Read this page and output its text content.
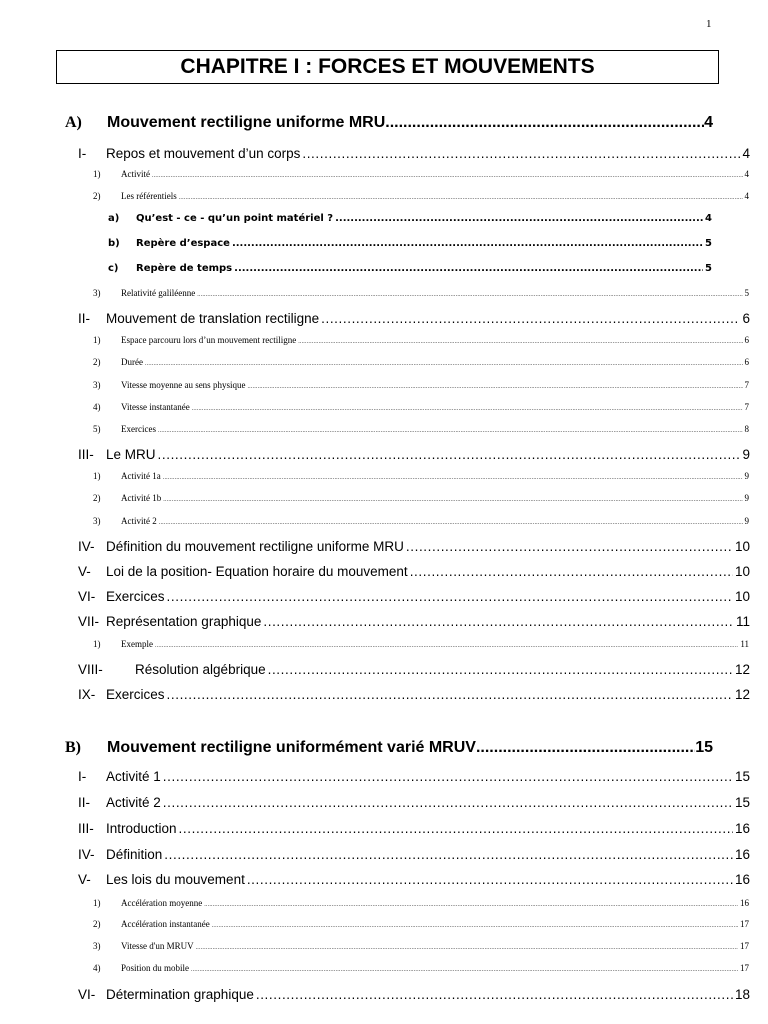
1
CHAPITRE I : FORCES ET MOUVEMENTS
A)	Mouvement rectiligne uniforme MRU .....	4
I-	Repos et mouvement d’un corps .....	4
1)	Activité .....	4
2)	Les référentiels .....	4
a)	Qu’est - ce - qu’un point matériel ? .....	4
b)	Repère d’espace .....	5
c)	Repère de temps .....	5
3)	Relativité galiléenne .....	5
II-	Mouvement de translation rectiligne .....	6
1)	Espace parcouru lors d’un mouvement rectiligne .....	6
2)	Durée .....	6
3)	Vitesse moyenne au sens physique .....	7
4)	Vitesse instantanée .....	7
5)	Exercices .....	8
III- Le MRU .....	9
1)	Activité 1a .....	9
2)	Activité 1b .....	9
3)	Activité 2 .....	9
IV- Définition du mouvement rectiligne uniforme MRU .....	10
V-	Loi de la position- Equation horaire du mouvement .....	10
VI- Exercices .....	10
VII- Représentation graphique .....	11
1)	Exemple .....	11
VIII-	Résolution algébrique .....	12
IX- Exercices .....	12
B)	Mouvement rectiligne uniformément varié MRUV .....	15
I-	Activité 1 .....	15
II-	Activité 2 .....	15
III- Introduction .....	16
IV- Définition .....	16
V-	Les lois du mouvement .....	16
1)	Accélération moyenne .....	16
2)	Accélération instantanée .....	17
3)	Vitesse d'un MRUV .....	17
4)	Position du mobile .....	17
VI- Détermination graphique .....	18
